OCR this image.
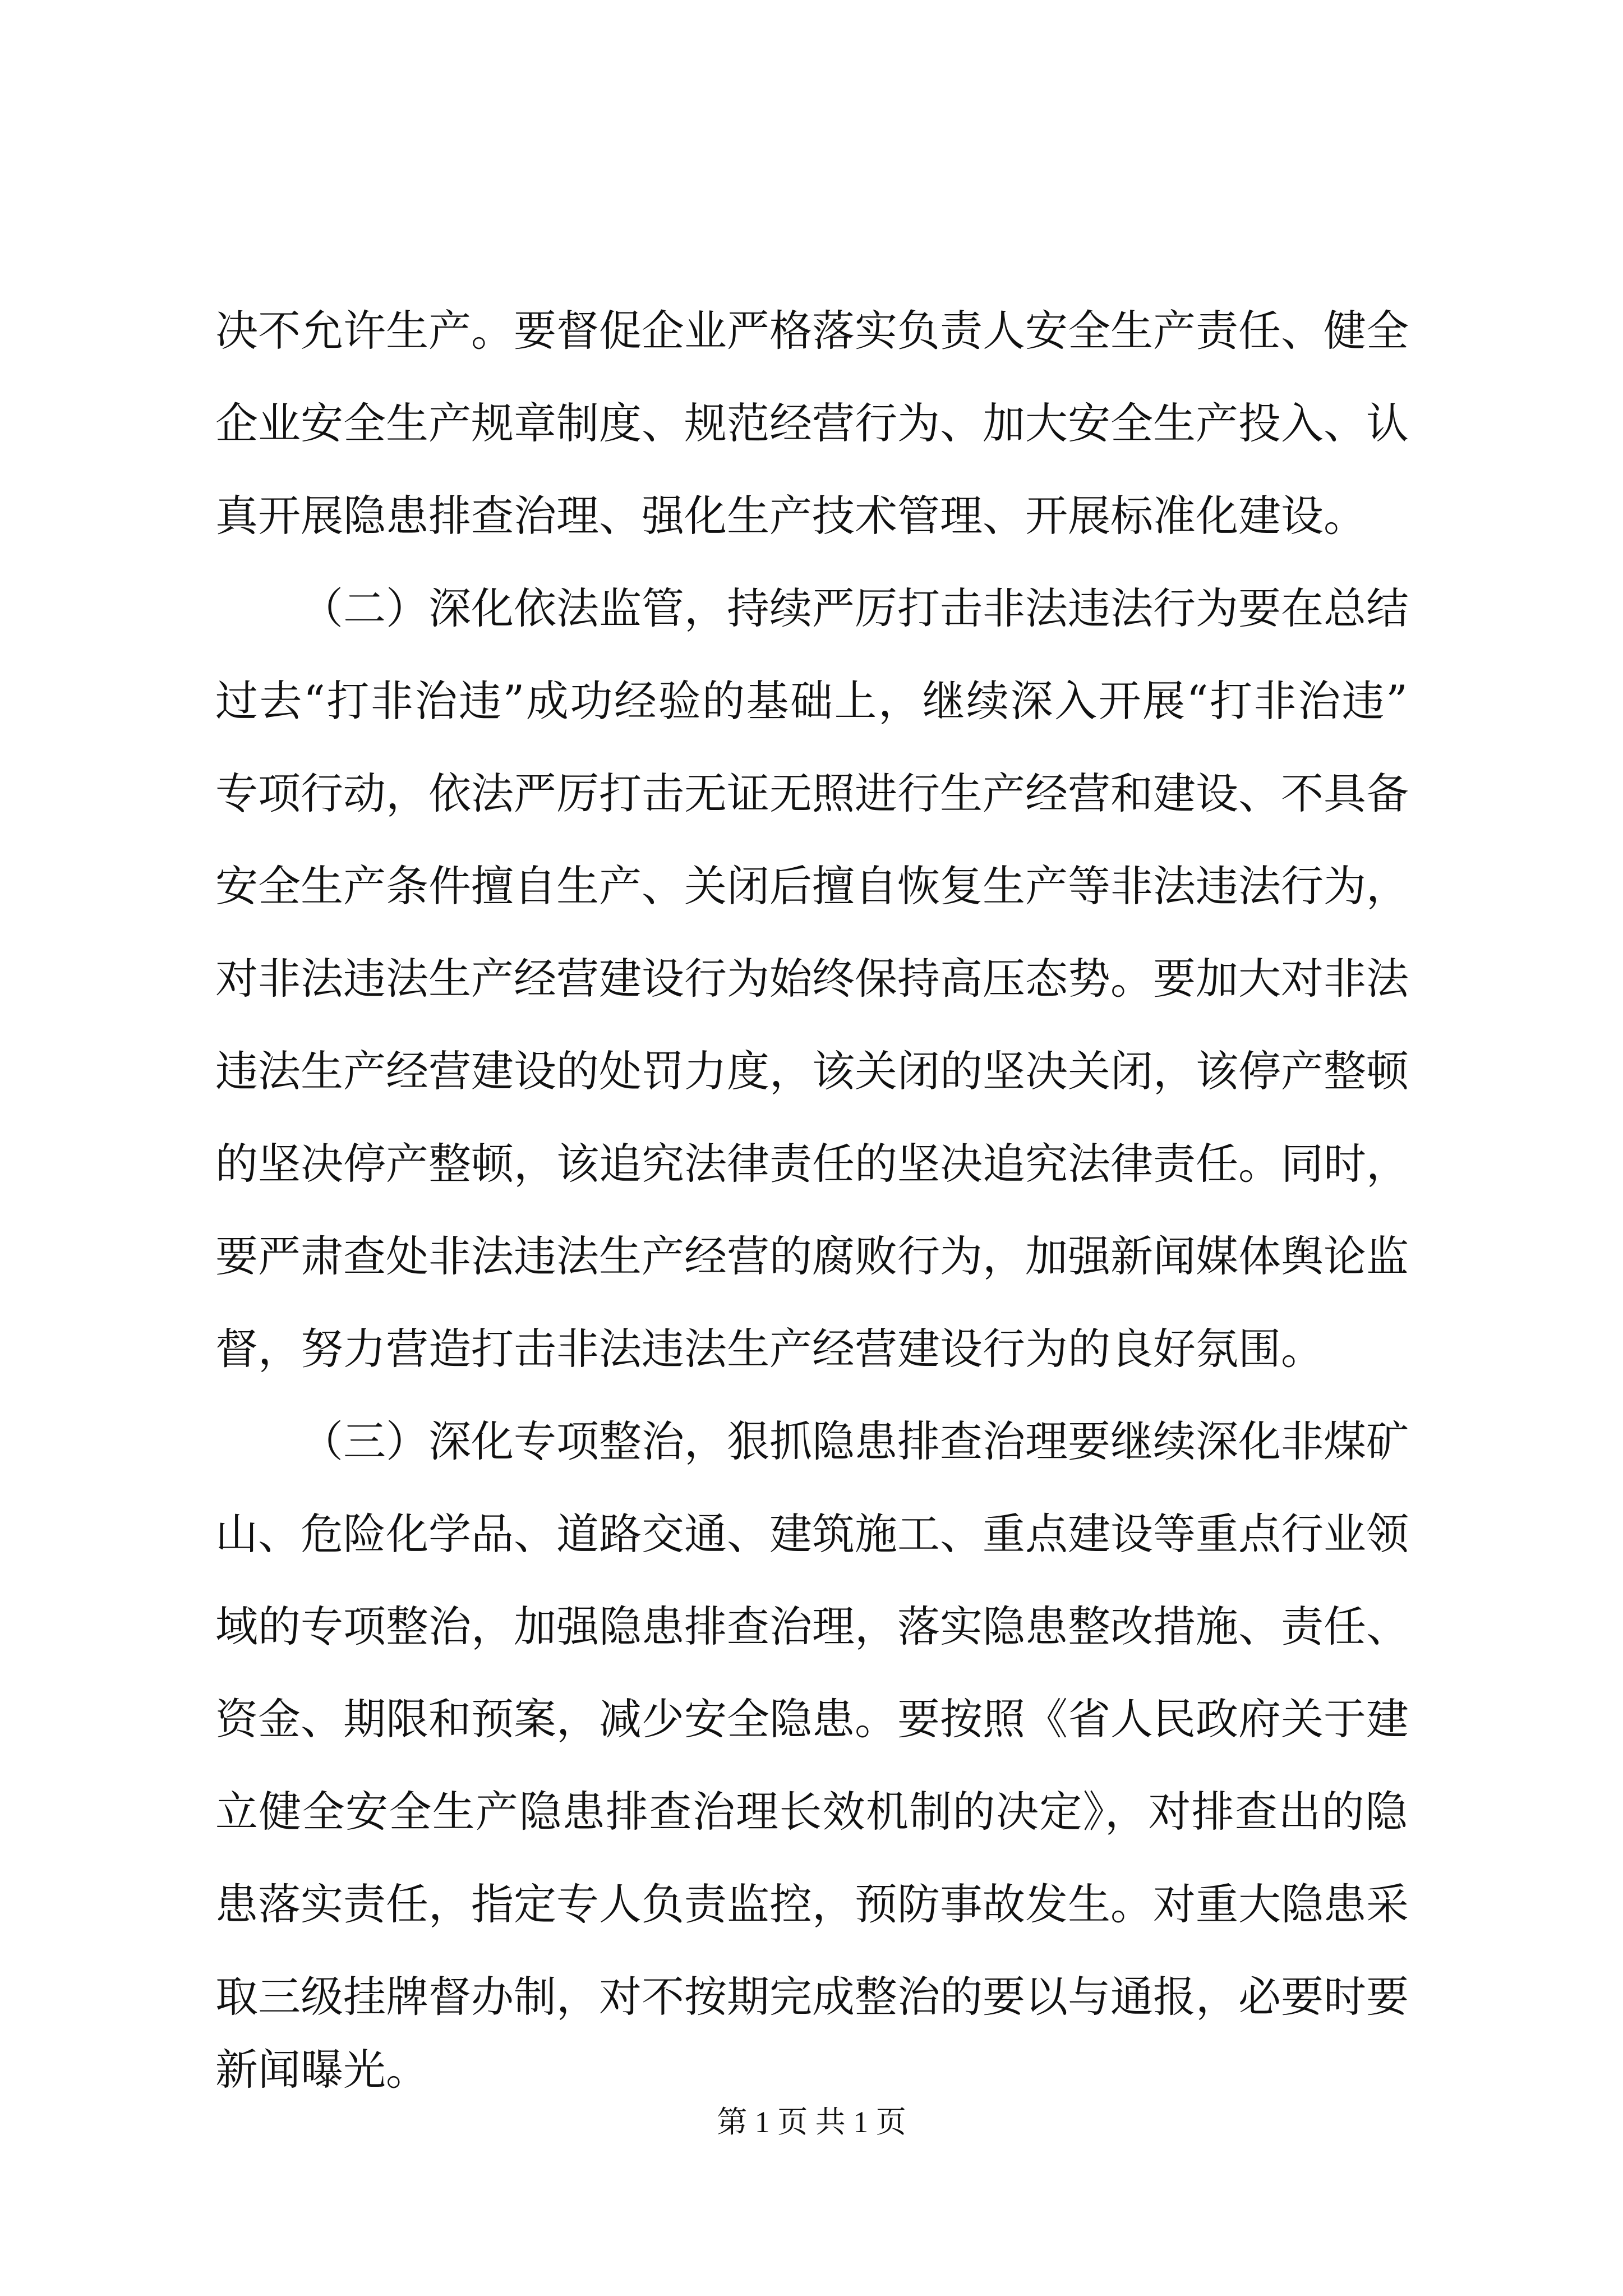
决不允许生产。要督促企业严格落实负责人安全生产责任、健全
企业安全生产规章制度、规范经营行为、加大安全生产投入、认
真开展隐患排查治理、强化生产技术管理、开展标准化建设。
（二）深化依法监管，持续严厉打击非法违法行为要在总结
过去“打非治违”成功经验的基础上，继续深入开展“打非治违”
专项行动，依法严厉打击无证无照进行生产经营和建设、不具备
安全生产条件擅自生产、关闭后擅自恢复生产等非法违法行为，
对非法违法生产经营建设行为始终保持高压态势。要加大对非法
违法生产经营建设的处罚力度，该关闭的坚决关闭，该停产整顿
的坚决停产整顿，该追究法律责任的坚决追究法律责任。同时，
要严肃查处非法违法生产经营的腐败行为，加强新闻媒体舆论监
督，努力营造打击非法违法生产经营建设行为的良好氛围。
（三）深化专项整治，狠抓隐患排查治理要继续深化非煤矿
山、危险化学品、道路交通、建筑施工、重点建设等重点行业领
域的专项整治，加强隐患排查治理，落实隐患整改措施、责任、
资金、期限和预案，减少安全隐患。要按照《省人民政府关于建
立健全安全生产隐患排查治理长效机制的决定》，对排查出的隐
患落实责任，指定专人负责监控，预防事故发生。对重大隐患采
取三级挂牌督办制，对不按期完成整治的要以与通报，必要时要
新闻曝光。
第 1 页 共 1 页
